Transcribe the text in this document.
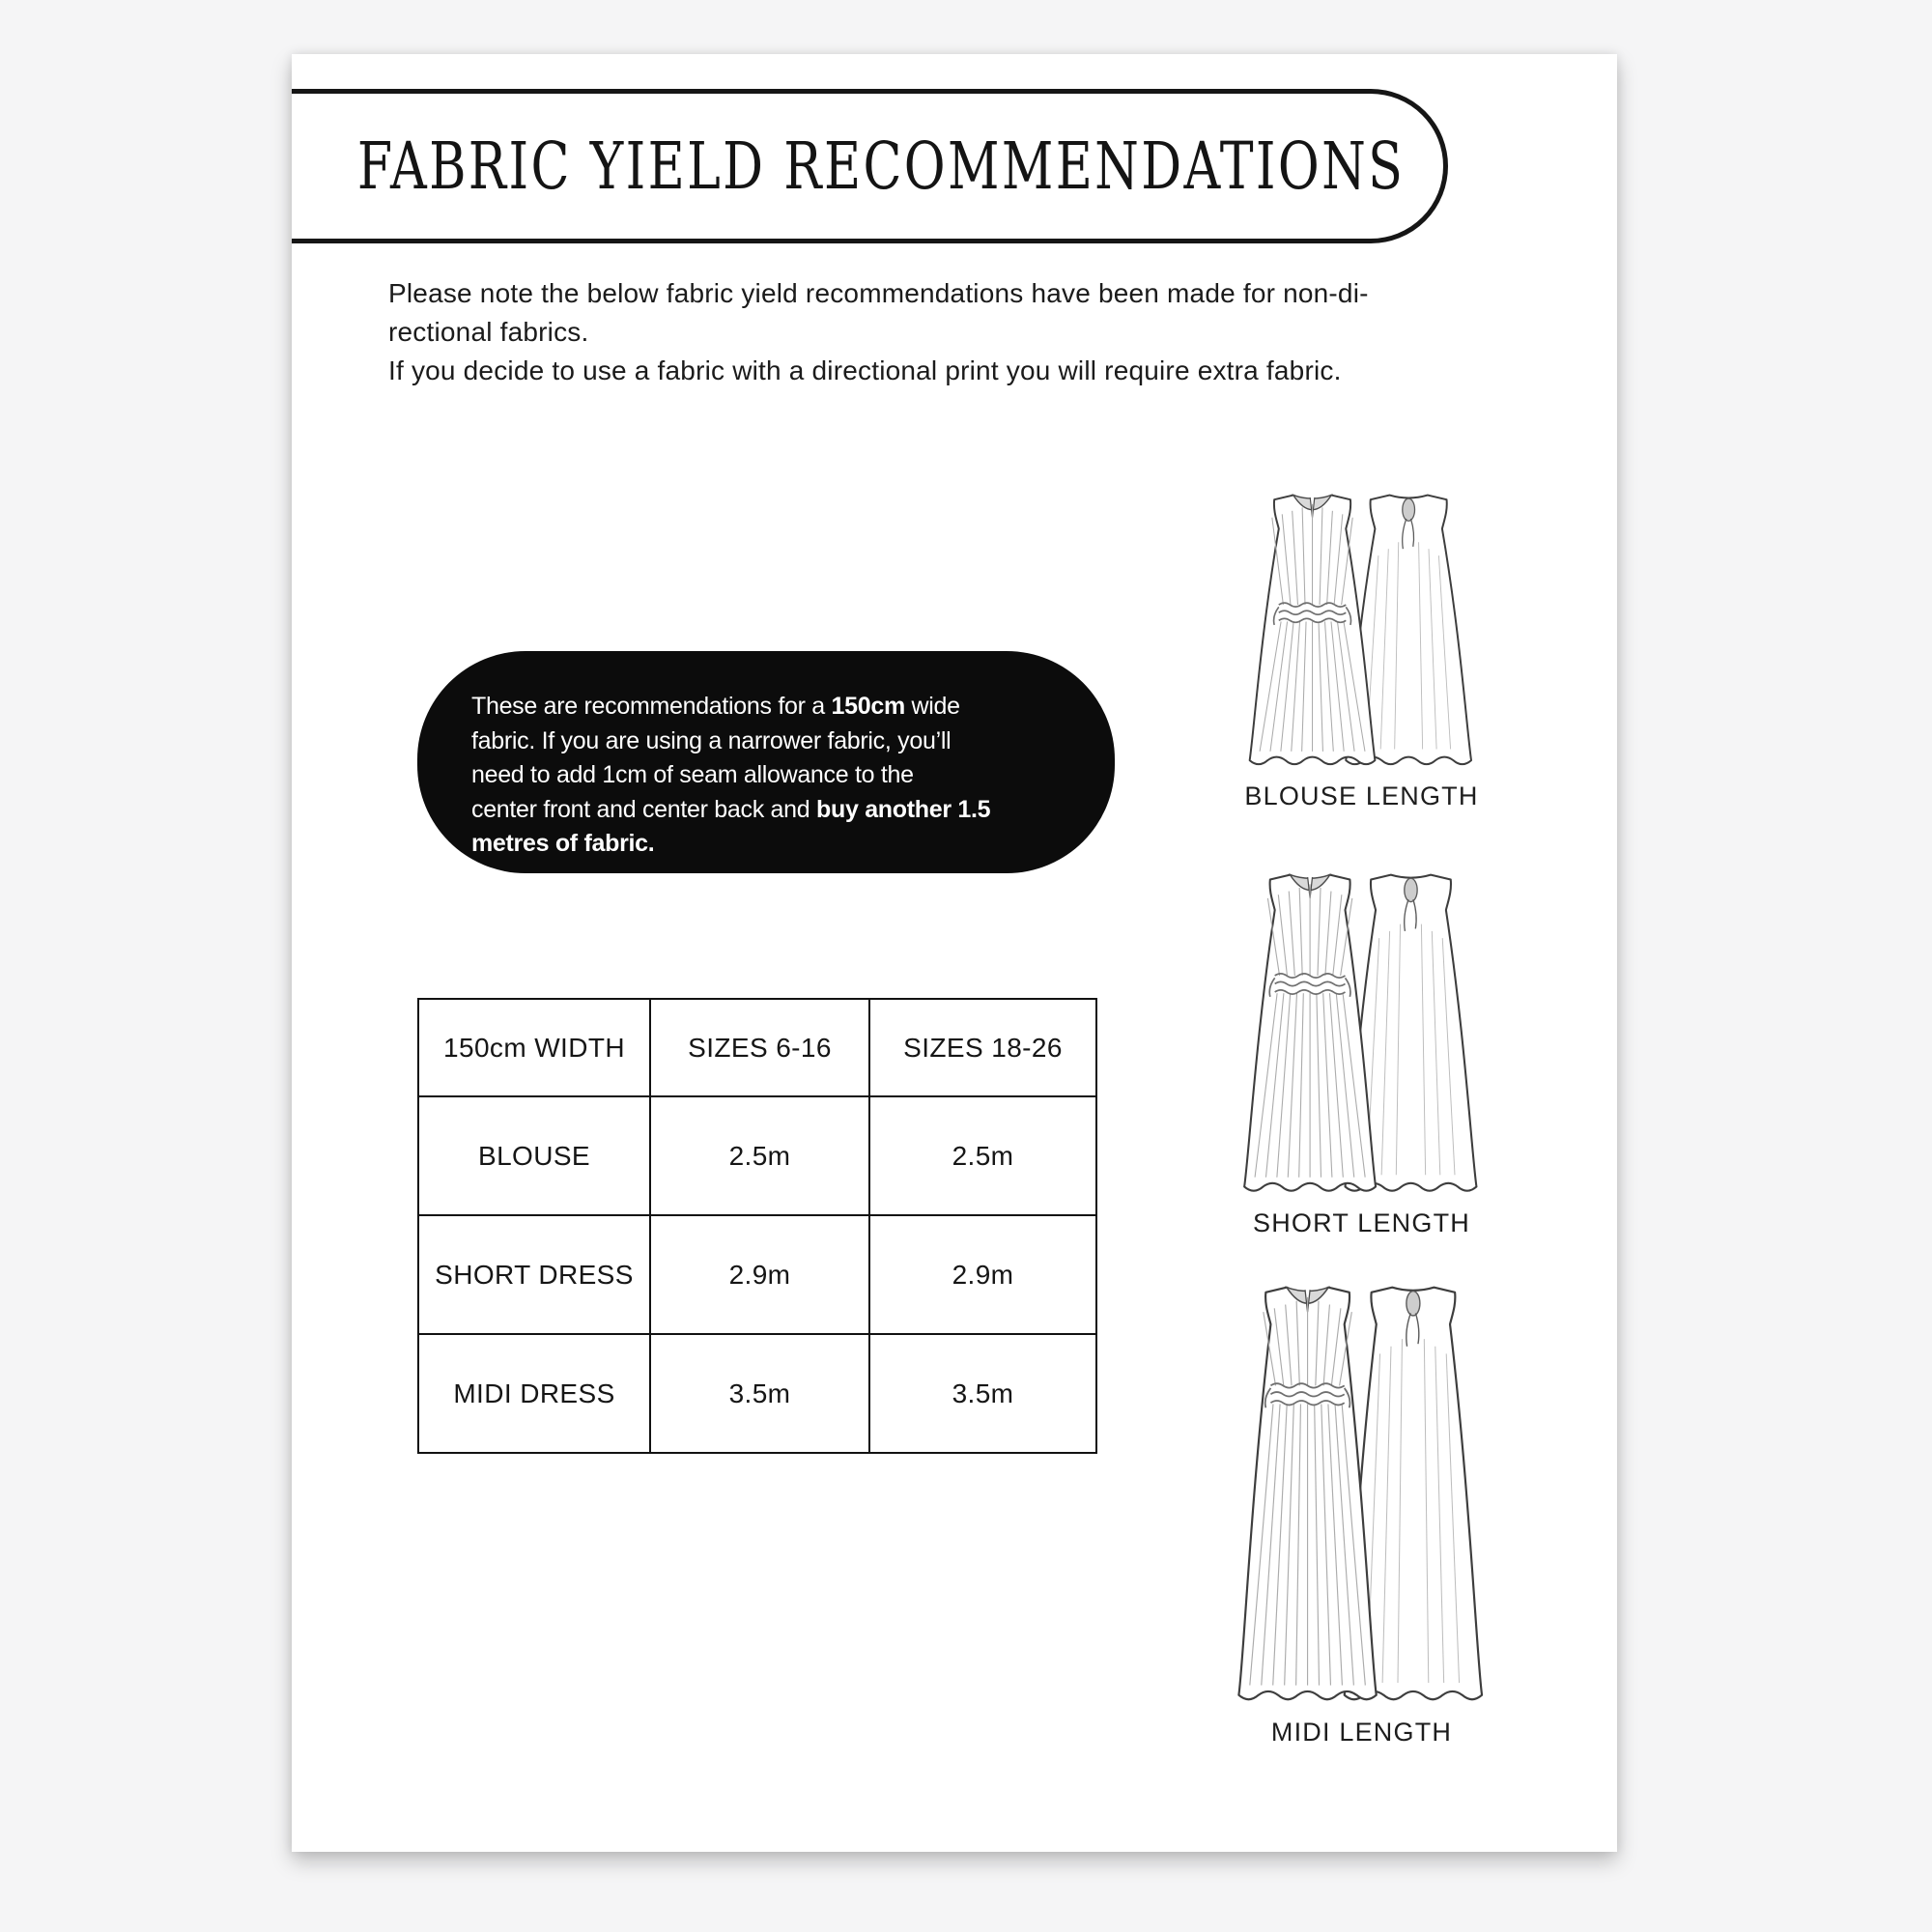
FABRIC YIELD RECOMMENDATIONS
Please note the below fabric yield recommendations have been made for non-di-
rectional fabrics.
If you decide to use a fabric with a directional print you will require extra fabric.
These are recommendations for a 150cm wide
fabric. If you are using a narrower fabric, you’ll
need to add 1cm of seam allowance to the
center front and center back and buy another 1.5
metres of fabric.
150cm WIDTH	SIZES 6-16	SIZES 18-26
BLOUSE	2.5m	2.5m
SHORT DRESS	2.9m	2.9m
MIDI DRESS	3.5m	3.5m
BLOUSE LENGTH
SHORT LENGTH
MIDI LENGTH
